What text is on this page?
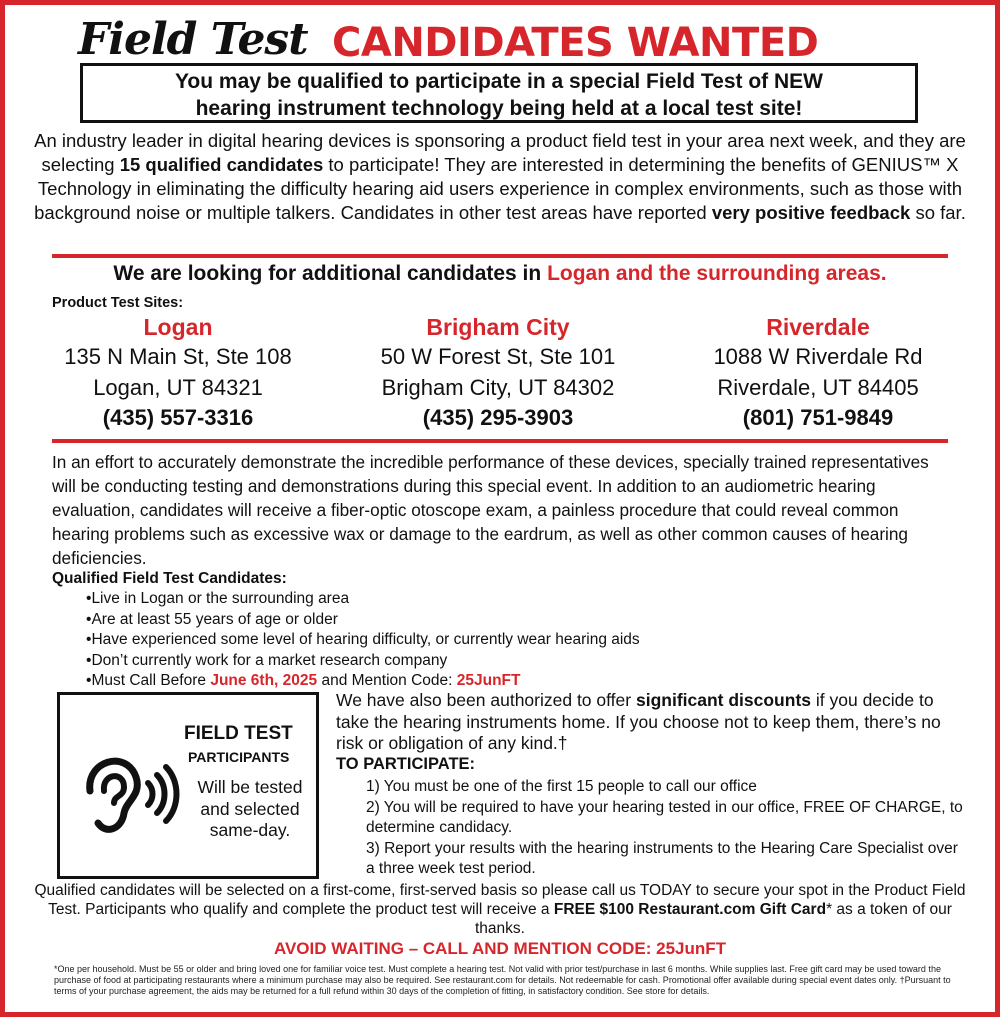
Field Test CANDIDATES WANTED
You may be qualified to participate in a special Field Test of NEW
hearing instrument technology being held at a local test site!
An industry leader in digital hearing devices is sponsoring a product field test in your area next week, and they are selecting 15 qualified candidates to participate! They are interested in determining the benefits of GENIUS™ X Technology in eliminating the difficulty hearing aid users experience in complex environments, such as those with background noise or multiple talkers. Candidates in other test areas have reported very positive feedback so far.
We are looking for additional candidates in Logan and the surrounding areas.
Product Test Sites:
Logan
135 N Main St, Ste 108
Logan, UT 84321
(435) 557-3316
Brigham City
50 W Forest St, Ste 101
Brigham City, UT 84302
(435) 295-3903
Riverdale
1088 W Riverdale Rd
Riverdale, UT 84405
(801) 751-9849
In an effort to accurately demonstrate the incredible performance of these devices, specially trained representatives will be conducting testing and demonstrations during this special event. In addition to an audiometric hearing evaluation, candidates will receive a fiber-optic otoscope exam, a painless procedure that could reveal common hearing problems such as excessive wax or damage to the eardrum, as well as other common causes of hearing deficiencies.
Qualified Field Test Candidates:
• Live in Logan or the surrounding area
• Are at least 55 years of age or older
• Have experienced some level of hearing difficulty, or currently wear hearing aids
• Don’t currently work for a market research company
• Must Call Before June 6th, 2025 and Mention Code: 25JunFT
FIELD TEST
PARTICIPANTS
Will be tested and selected same-day.
We have also been authorized to offer significant discounts if you decide to take the hearing instruments home. If you choose not to keep them, there’s no risk or obligation of any kind.†
TO PARTICIPATE:
1) You must be one of the first 15 people to call our office
2) You will be required to have your hearing tested in our office, FREE OF CHARGE, to determine candidacy.
3) Report your results with the hearing instruments to the Hearing Care Specialist over a three week test period.
Qualified candidates will be selected on a first-come, first-served basis so please call us TODAY to secure your spot in the Product Field Test. Participants who qualify and complete the product test will receive a FREE $100 Restaurant.com Gift Card* as a token of our thanks.
AVOID WAITING – CALL AND MENTION CODE: 25JunFT
*One per household. Must be 55 or older and bring loved one for familiar voice test. Must complete a hearing test. Not valid with prior test/purchase in last 6 months. While supplies last. Free gift card may be used toward the purchase of food at participating restaurants where a minimum purchase may also be required. See restaurant.com for details. Not redeemable for cash. Promotional offer available during special event dates only. †Pursuant to terms of your purchase agreement, the aids may be returned for a full refund within 30 days of the completion of fitting, in satisfactory condition. See store for details.
